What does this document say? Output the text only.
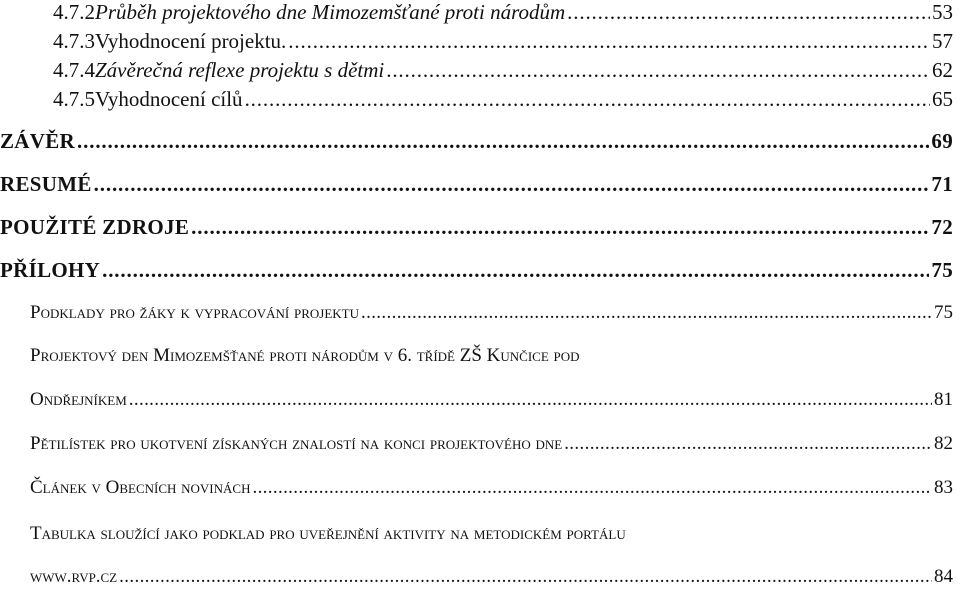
4.7.2 Průběh projektového dne Mimozemšťané proti národům . . .	53
4.7.3 Vyhodnocení projektu. . . .	57
4.7.4 Závěrečná reflexe projektu s dětmi . . .	62
4.7.5 Vyhodnocení cílů . . .	65
ZÁVĚR . . .	69
RESUMÉ . . .	71
POUŽITÉ ZDROJE . . .	72
PŘÍLOHY . . .	75
Podklady pro žáky k vypracování projektu . . .	75
Projektový den Mimozemšťané proti národům v 6. třídě ZŠ Kunčice pod
Ondřejníkem . . .	81
Pětilístek pro ukotvení získaných znalostí na konci projektového dne . . .	82
Článek v Obecních novinách . . .	83
Tabulka sloužící jako podklad pro uveřejnění aktivity na metodickém portálu
www.rvp.cz . . .	84
